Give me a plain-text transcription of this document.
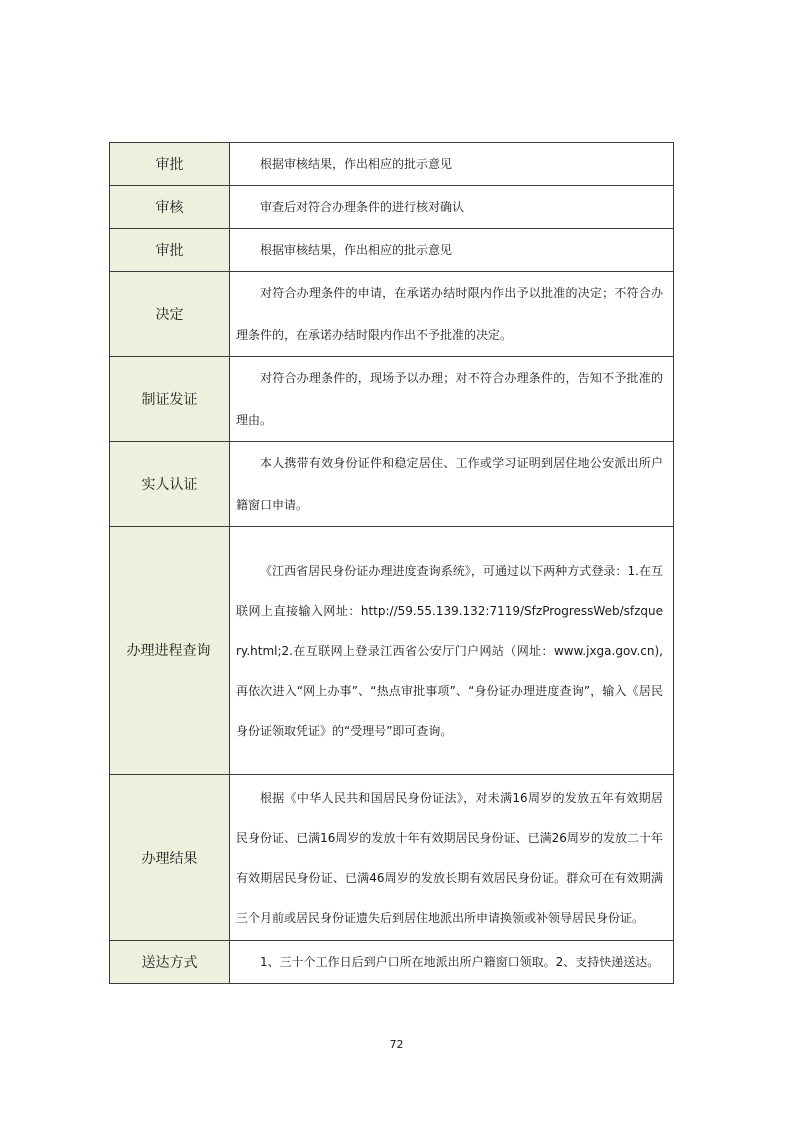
审批	根据审核结果，作出相应的批示意见
审核	审查后对符合办理条件的进行核对确认
审批	根据审核结果，作出相应的批示意见
决定	对符合办理条件的申请，在承诺办结时限内作出予以批准的决定；不符合办理条件的，在承诺办结时限内作出不予批准的决定。
制证发证	对符合办理条件的，现场予以办理；对不符合办理条件的，告知不予批准的理由。
实人认证	本人携带有效身份证件和稳定居住、工作或学习证明到居住地公安派出所户籍窗口申请。
办理进程查询	《江西省居民身份证办理进度查询系统》，可通过以下两种方式登录：1.在互联网上直接输入网址：http://59.55.139.132:7119/SfzProgressWeb/sfzquery.html;2.在互联网上登录江西省公安厅门户网站（网址：www.jxga.gov.cn),再依次进入“网上办事”、“热点审批事项”、“身份证办理进度查询”，输入《居民身份证领取凭证》的“受理号”即可查询。
办理结果	根据《中华人民共和国居民身份证法》，对未满16周岁的发放五年有效期居民身份证、已满16周岁的发放十年有效期居民身份证、已满26周岁的发放二十年有效期居民身份证、已满46周岁的发放长期有效居民身份证。群众可在有效期满三个月前或居民身份证遗失后到居住地派出所申请换领或补领导居民身份证。
送达方式	1、三十个工作日后到户口所在地派出所户籍窗口领取。2、支持快递送达。
72
